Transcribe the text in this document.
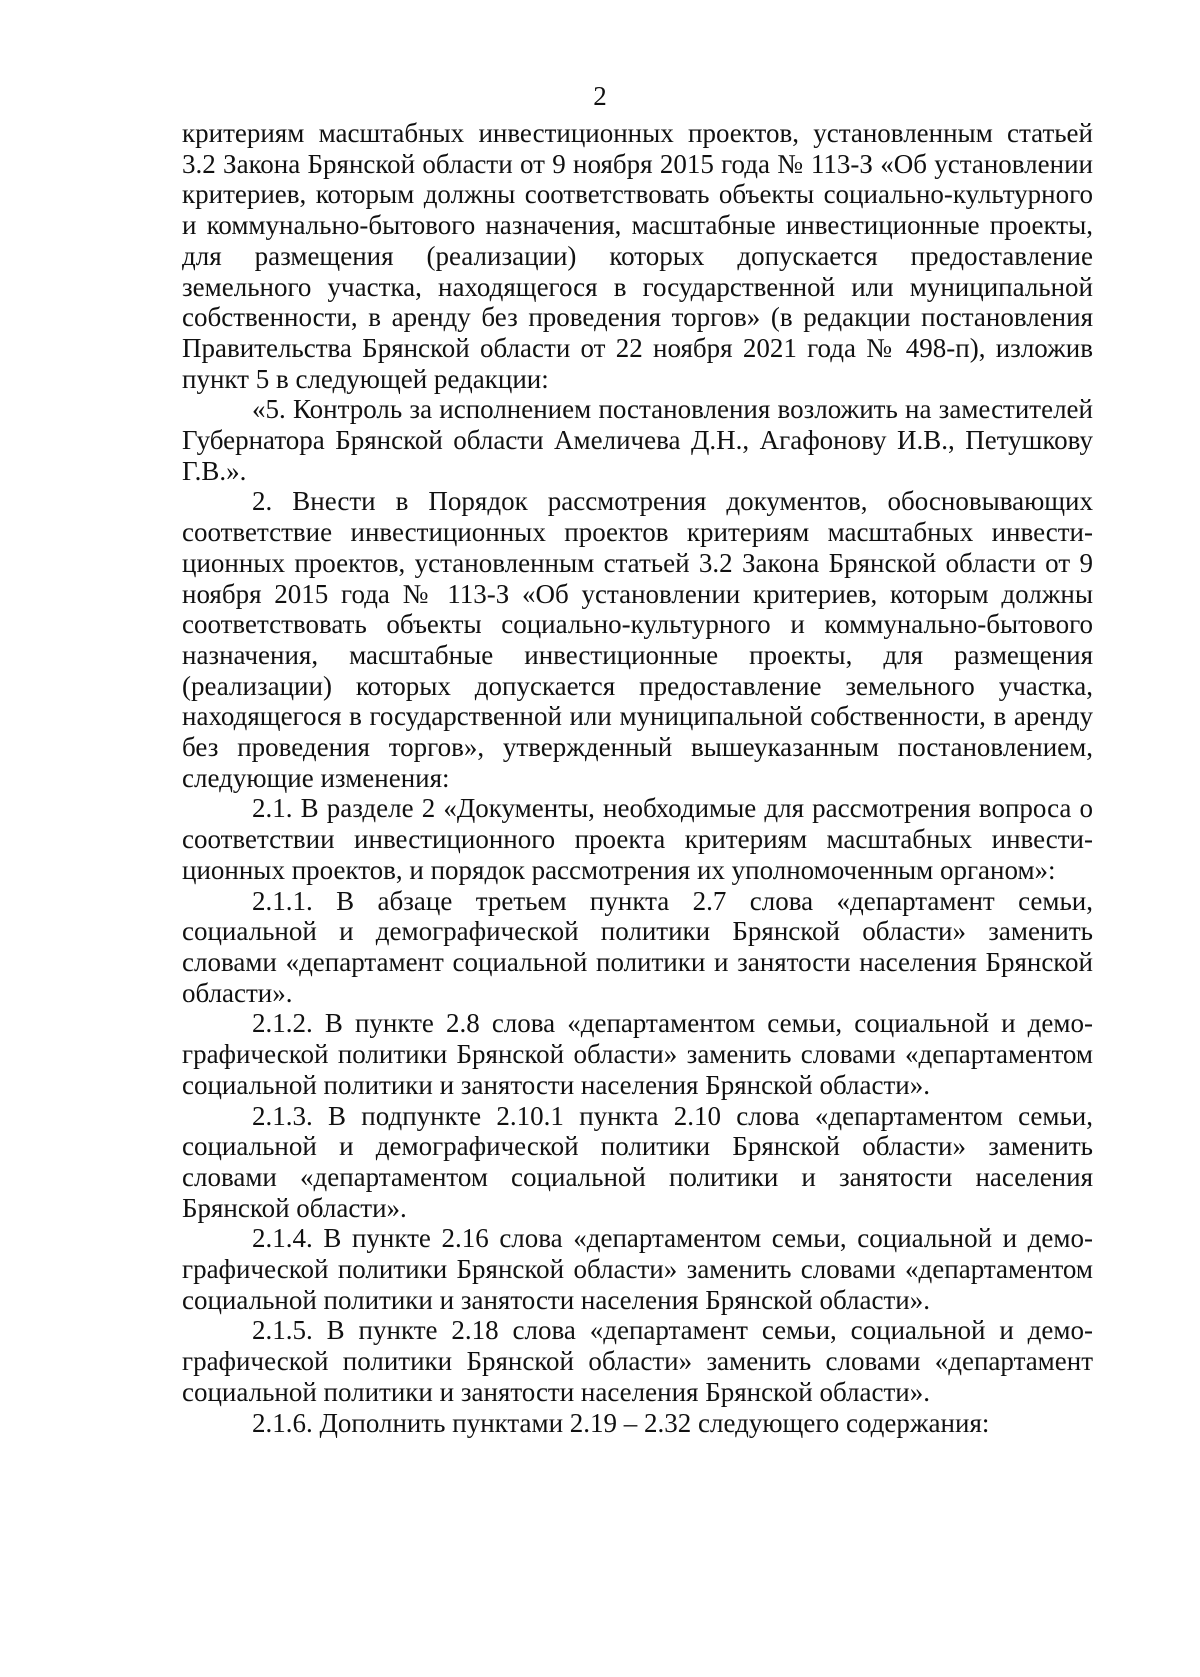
2

критериям масштабных инвестиционных проектов, установленным статьей 3.2 Закона Брянской области от 9 ноября 2015 года № 113-З «Об установлении критериев, которым должны соответствовать объекты социально-культурного и коммунально-бытового назначения, масштабные инвестиционные проекты, для размещения (реализации) которых допускается предоставление земельного участка, находящегося в государственной или муниципальной собственности, в аренду без проведения торгов» (в редакции постановления Правительства Брянской области от 22 ноября 2021 года № 498-п), изложив пункт 5 в следующей редакции:

«5. Контроль за исполнением постановления возложить на заместителей Губернатора Брянской области Амеличева Д.Н., Агафонову И.В., Петушкову Г.В.».

2. Внести в Порядок рассмотрения документов, обосновывающих соответствие инвестиционных проектов критериям масштабных инвестиционных проектов, установленным статьей 3.2 Закона Брянской области от 9 ноября 2015 года № 113-З «Об установлении критериев, которым должны соответствовать объекты социально-культурного и коммунально-бытового назначения, масштабные инвестиционные проекты, для размещения (реализации) которых допускается предоставление земельного участка, находящегося в государственной или муниципальной собственности, в аренду без проведения торгов», утвержденный вышеуказанным постановлением, следующие изменения:

2.1. В разделе 2 «Документы, необходимые для рассмотрения вопроса о соответствии инвестиционного проекта критериям масштабных инвестиционных проектов, и порядок рассмотрения их уполномоченным органом»:

2.1.1. В абзаце третьем пункта 2.7 слова «департамент семьи, социальной и демографической политики Брянской области» заменить словами «департамент социальной политики и занятости населения Брянской области».

2.1.2. В пункте 2.8 слова «департаментом семьи, социальной и демографической политики Брянской области» заменить словами «департаментом социальной политики и занятости населения Брянской области».

2.1.3. В подпункте 2.10.1 пункта 2.10 слова «департаментом семьи, социальной и демографической политики Брянской области» заменить словами «департаментом социальной политики и занятости населения Брянской области».

2.1.4. В пункте 2.16 слова «департаментом семьи, социальной и демографической политики Брянской области» заменить словами «департаментом социальной политики и занятости населения Брянской области».

2.1.5. В пункте 2.18 слова «департамент семьи, социальной и демографической политики Брянской области» заменить словами «департамент социальной политики и занятости населения Брянской области».

2.1.6. Дополнить пунктами 2.19 – 2.32 следующего содержания:
